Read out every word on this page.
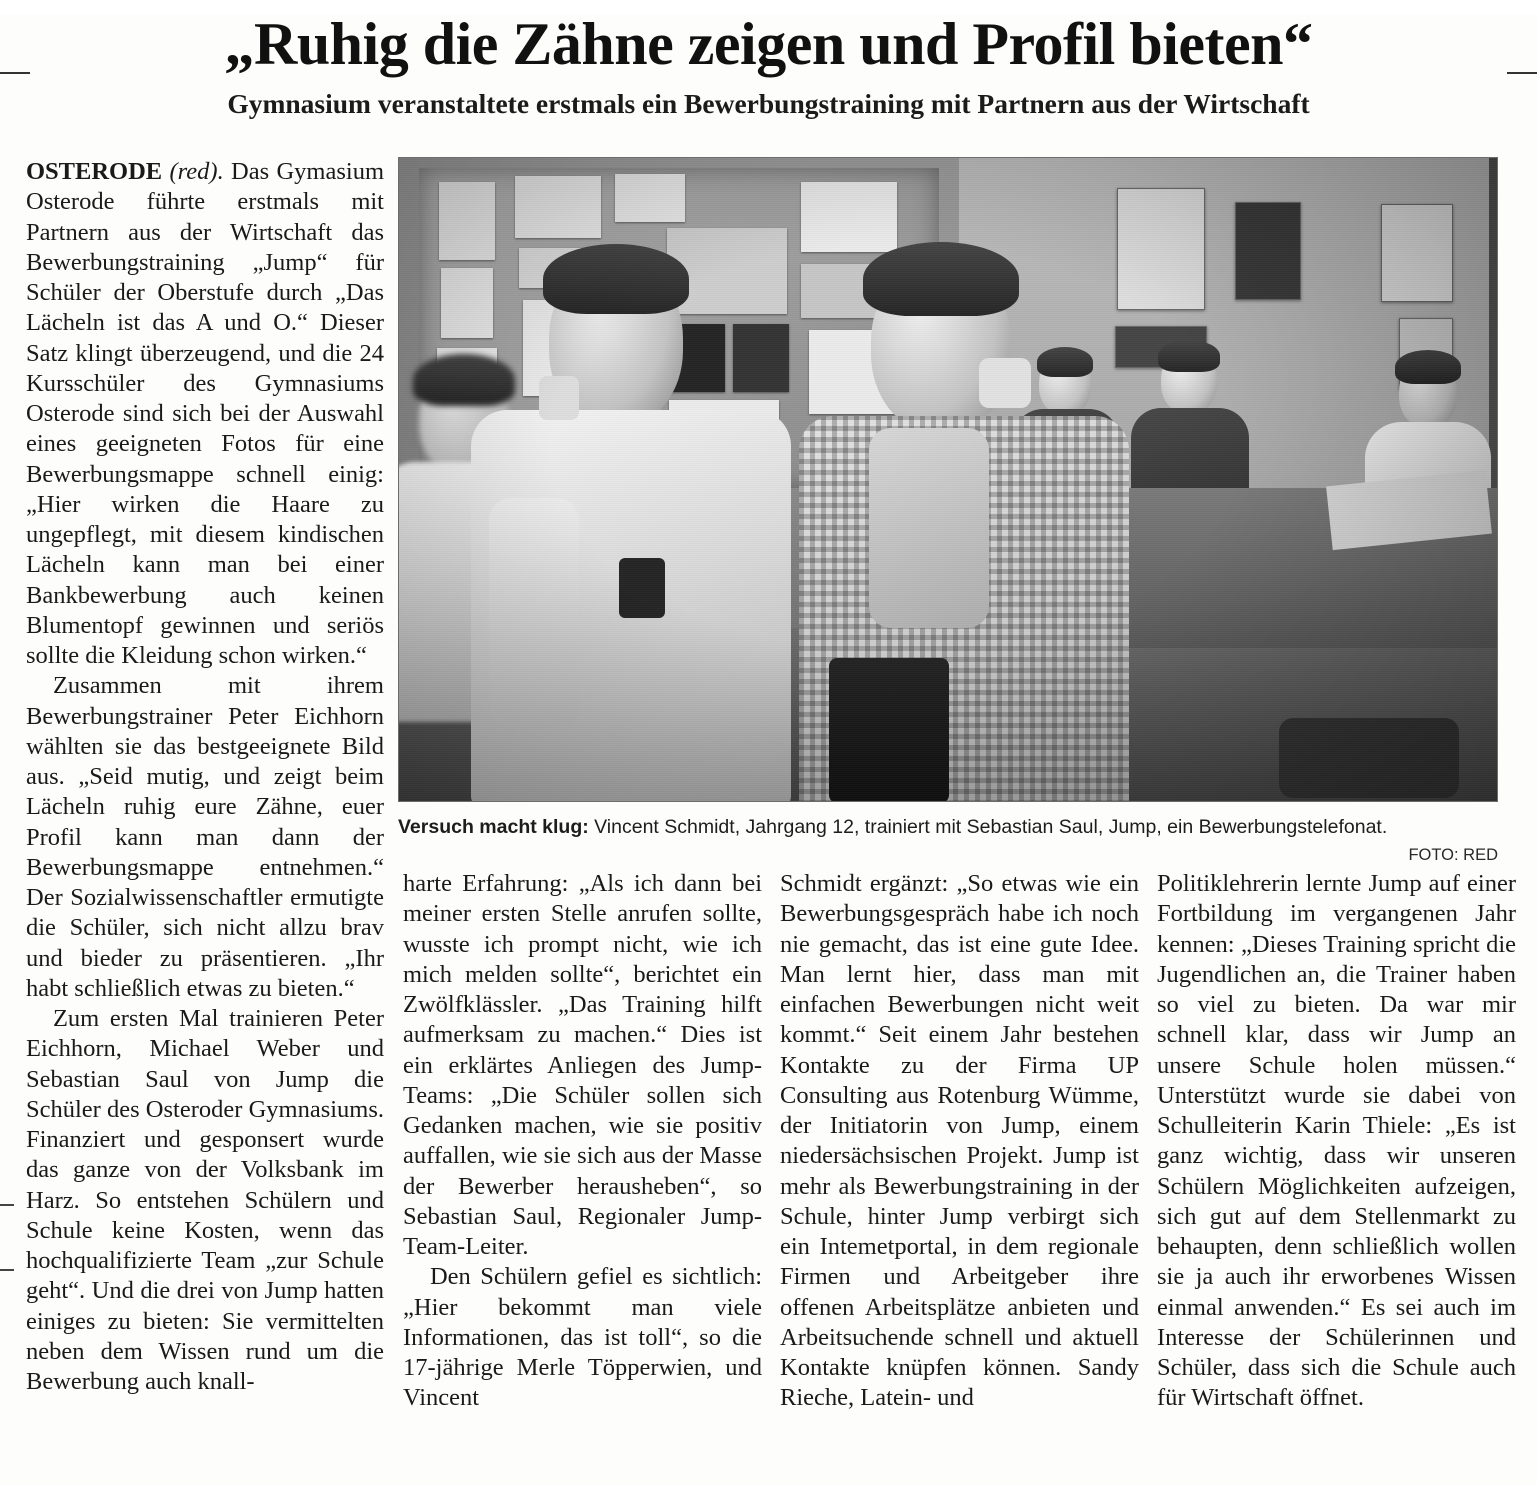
„Ruhig die Zähne zeigen und Profil bieten“
Gymnasium veranstaltete erstmals ein Bewerbungstraining mit Partnern aus der Wirtschaft

OSTERODE (red). Das Gymasium Osterode führte erstmals mit Partnern aus der Wirtschaft das Bewerbungstraining „Jump“ für Schüler der Oberstufe durch „Das Lächeln ist das A und O.“ Dieser Satz klingt überzeugend, und die 24 Kursschüler des Gymnasiums Osterode sind sich bei der Auswahl eines geeigneten Fotos für eine Bewerbungsmappe schnell einig: „Hier wirken die Haare zu ungepflegt, mit diesem kindischen Lächeln kann man bei einer Bankbewerbung auch keinen Blumentopf gewinnen und seriös sollte die Kleidung schon wirken.“

Zusammen mit ihrem Bewerbungstrainer Peter Eichhorn wählten sie das bestgeeignete Bild aus. „Seid mutig, und zeigt beim Lächeln ruhig eure Zähne, euer Profil kann man dann der Bewerbungsmappe entnehmen.“ Der Sozialwissenschaftler ermutigte die Schüler, sich nicht allzu brav und bieder zu präsentieren. „Ihr habt schließlich etwas zu bieten.“

Zum ersten Mal trainieren Peter Eichhorn, Michael Weber und Sebastian Saul von Jump die Schüler des Osteroder Gymnasiums. Finanziert und gesponsert wurde das ganze von der Volksbank im Harz. So entstehen Schülern und Schule keine Kosten, wenn das hochqualifizierte Team „zur Schule geht“. Und die drei von Jump hatten einiges zu bieten: Sie vermittelten neben dem Wissen rund um die Bewerbung auch knall-

Versuch macht klug: Vincent Schmidt, Jahrgang 12, trainiert mit Sebastian Saul, Jump, ein Bewerbungstelefonat.
FOTO: RED

harte Erfahrung: „Als ich dann bei meiner ersten Stelle anrufen sollte, wusste ich prompt nicht, wie ich mich melden sollte“, berichtet ein Zwölfklässler. „Das Training hilft aufmerksam zu machen.“ Dies ist ein erklärtes Anliegen des Jump-Teams: „Die Schüler sollen sich Gedanken machen, wie sie positiv auffallen, wie sie sich aus der Masse der Bewerber herausheben“, so Sebastian Saul, Regionaler Jump-Team-Leiter.

Den Schülern gefiel es sichtlich: „Hier bekommt man viele Informationen, das ist toll“, so die 17-jährige Merle Töpperwien, und Vincent

Schmidt ergänzt: „So etwas wie ein Bewerbungsgespräch habe ich noch nie gemacht, das ist eine gute Idee. Man lernt hier, dass man mit einfachen Bewerbungen nicht weit kommt.“ Seit einem Jahr bestehen Kontakte zu der Firma UP Consulting aus Rotenburg Wümme, der Initiatorin von Jump, einem niedersächsischen Projekt. Jump ist mehr als Bewerbungstraining in der Schule, hinter Jump verbirgt sich ein Intemetportal, in dem regionale Firmen und Arbeitgeber ihre offenen Arbeitsplätze anbieten und Arbeitsuchende schnell und aktuell Kontakte knüpfen können. Sandy Rieche, Latein- und

Politiklehrerin lernte Jump auf einer Fortbildung im vergangenen Jahr kennen: „Dieses Training spricht die Jugendlichen an, die Trainer haben so viel zu bieten. Da war mir schnell klar, dass wir Jump an unsere Schule holen müssen.“ Unterstützt wurde sie dabei von Schulleiterin Karin Thiele: „Es ist ganz wichtig, dass wir unseren Schülern Möglichkeiten aufzeigen, sich gut auf dem Stellenmarkt zu behaupten, denn schließlich wollen sie ja auch ihr erworbenes Wissen einmal anwenden.“ Es sei auch im Interesse der Schülerinnen und Schüler, dass sich die Schule auch für Wirtschaft öffnet.
